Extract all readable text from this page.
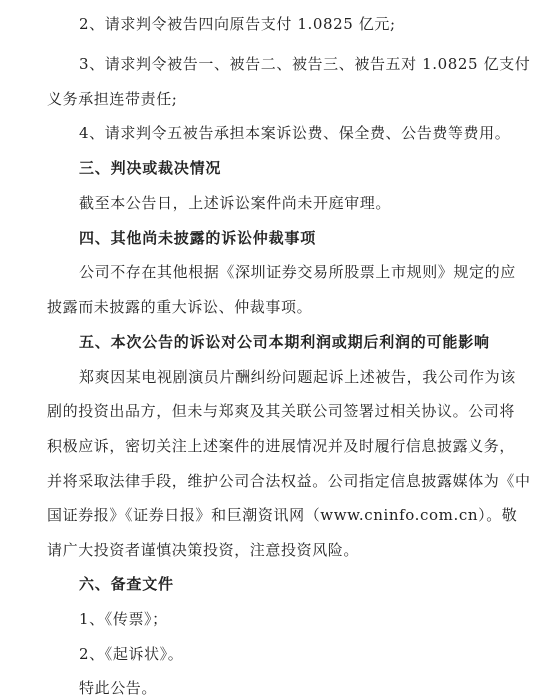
2、请求判令被告四向原告支付 1.0825 亿元;
3、请求判令被告一、被告二、被告三、被告五对 1.0825 亿支付
义务承担连带责任;
4、请求判令五被告承担本案诉讼费、保全费、公告费等费用。
三、判决或裁决情况
截至本公告日，上述诉讼案件尚未开庭审理。
四、其他尚未披露的诉讼仲裁事项
公司不存在其他根据《深圳证券交易所股票上市规则》规定的应
披露而未披露的重大诉讼、仲裁事项。
五、本次公告的诉讼对公司本期利润或期后利润的可能影响
郑爽因某电视剧演员片酬纠纷问题起诉上述被告，我公司作为该
剧的投资出品方，但未与郑爽及其关联公司签署过相关协议。公司将
积极应诉，密切关注上述案件的进展情况并及时履行信息披露义务，
并将采取法律手段，维护公司合法权益。公司指定信息披露媒体为《中
国证券报》《证券日报》和巨潮资讯网（www.cninfo.com.cn）。敬
请广大投资者谨慎决策投资，注意投资风险。
六、备查文件
1、《传票》；
2、《起诉状》。
特此公告。
